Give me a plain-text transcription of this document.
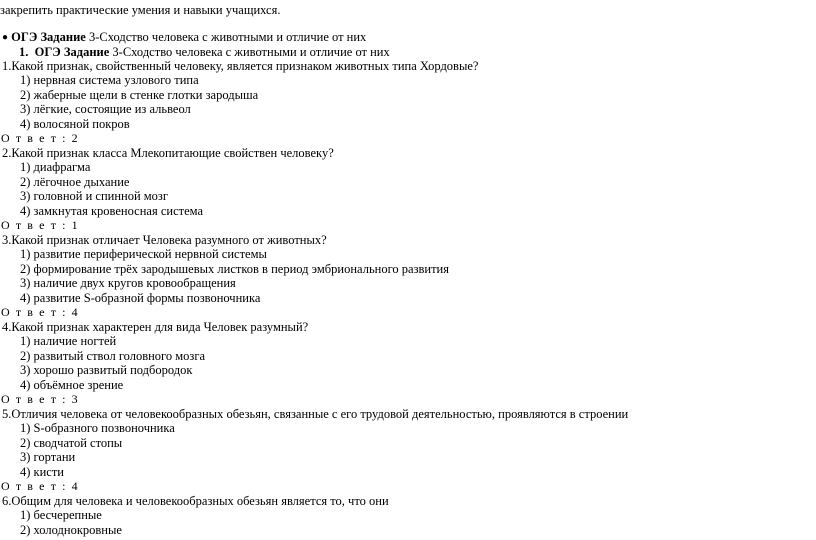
закрепить практические умения и навыки учащихся.
● ОГЭ Задание 3-Сходство человека с животными и отличие от них
1. ОГЭ Задание 3-Сходство человека с животными и отличие от них
1.Какой признак, свойственный человеку, является признаком животных типа Хордовые?
1) нервная система узлового типа
2) жаберные щели в стенке глотки зародыша
3) лёгкие, состоящие из альвеол
4) волосяной покров
О т в е т : 2
2.Какой признак класса Млекопитающие свойствен человеку?
1) диафрагма
2) лёгочное дыхание
3) головной и спинной мозг
4) замкнутая кровеносная система
О т в е т : 1
3.Какой признак отличает Человека разумного от животных?
1) развитие периферической нервной системы
2) формирование трёх зародышевых листков в период эмбрионального развития
3) наличие двух кругов кровообращения
4) развитие S-образной формы позвоночника
О т в е т : 4
4.Какой признак характерен для вида Человек разумный?
1) наличие ногтей
2) развитый ствол головного мозга
3) хорошо развитый подбородок
4) объёмное зрение
О т в е т : 3
5.Отличия человека от человекообразных обезьян, связанные с его трудовой деятельностью, проявляются в строении
1) S-образного позвоночника
2) сводчатой стопы
3) гортани
4) кисти
О т в е т : 4
6.Общим для человека и человекообразных обезьян является то, что они
1) бесчерепные
2) холоднокровные
